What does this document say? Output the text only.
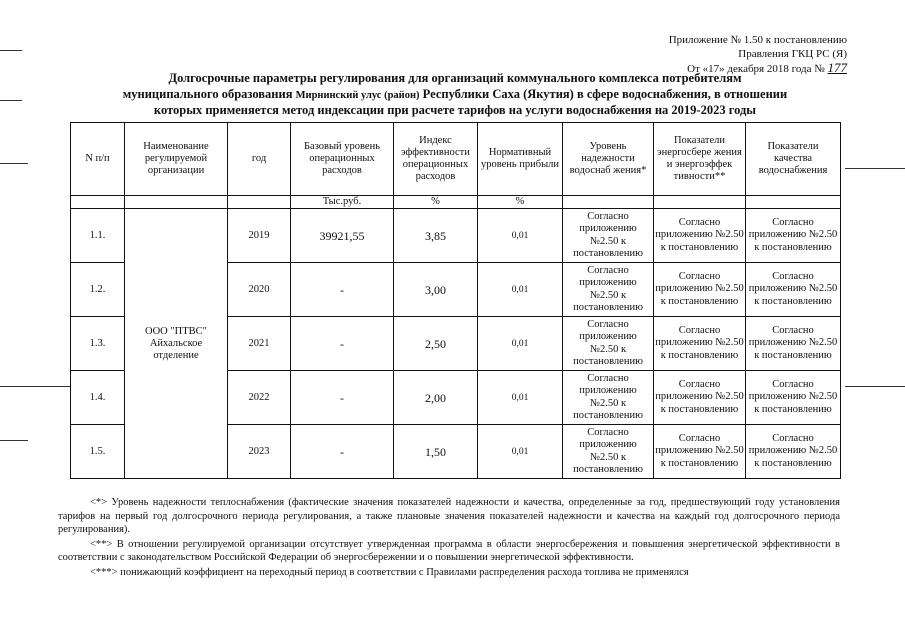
Приложение № 1.50 к постановлению
Правления ГКЦ РС (Я)
От «17» декабря 2018 года № 177
Долгосрочные параметры регулирования для организаций коммунального комплекса потребителям
муниципального образования Мирнинский улус (район) Республики Саха (Якутия) в сфере водоснабжения, в отношении
которых применяется метод индексации при расчете тарифов на услуги водоснабжения на 2019-2023 годы
N п/п	Наименование регулируемой организации	год	Базовый уровень операционных расходов	Индекс эффективности операционных расходов	Нормативный уровень прибыли	Уровень надежности водоснаб жения*	Показатели энергосбере жения и энергоэффек тивности**	Показатели качества водоснабжения
			Тыс.руб.	%	%			
1.1.	ООО "ПТВС" Айхальское отделение	2019	39921,55	3,85	0,01	Согласно приложению №2.50 к постановлению	Согласно приложению №2.50 к постановлению	Согласно приложению №2.50 к постановлению
1.2.		2020	-	3,00	0,01	Согласно приложению №2.50 к постановлению	Согласно приложению №2.50 к постановлению	Согласно приложению №2.50 к постановлению
1.3.		2021	-	2,50	0,01	Согласно приложению №2.50 к постановлению	Согласно приложению №2.50 к постановлению	Согласно приложению №2.50 к постановлению
1.4.		2022	-	2,00	0,01	Согласно приложению №2.50 к постановлению	Согласно приложению №2.50 к постановлению	Согласно приложению №2.50 к постановлению
1.5.		2023	-	1,50	0,01	Согласно приложению №2.50 к постановлению	Согласно приложению №2.50 к постановлению	Согласно приложению №2.50 к постановлению

<*> Уровень надежности теплоснабжения (фактические значения показателей надежности и качества, определенные за год, предшествующий году установления тарифов на первый год долгосрочного периода регулирования, а также плановые значения показателей надежности и качества на каждый год долгосрочного периода регулирования).

<**> В отношении регулируемой организации отсутствует утвержденная программа в области энергосбережения и повышения энергетической эффективности в соответствии с законодательством Российской Федерации об энергосбережении и о повышении энергетической эффективности.

<***> понижающий коэффициент на переходный период в соответствии с Правилами распределения расхода топлива не применялся
